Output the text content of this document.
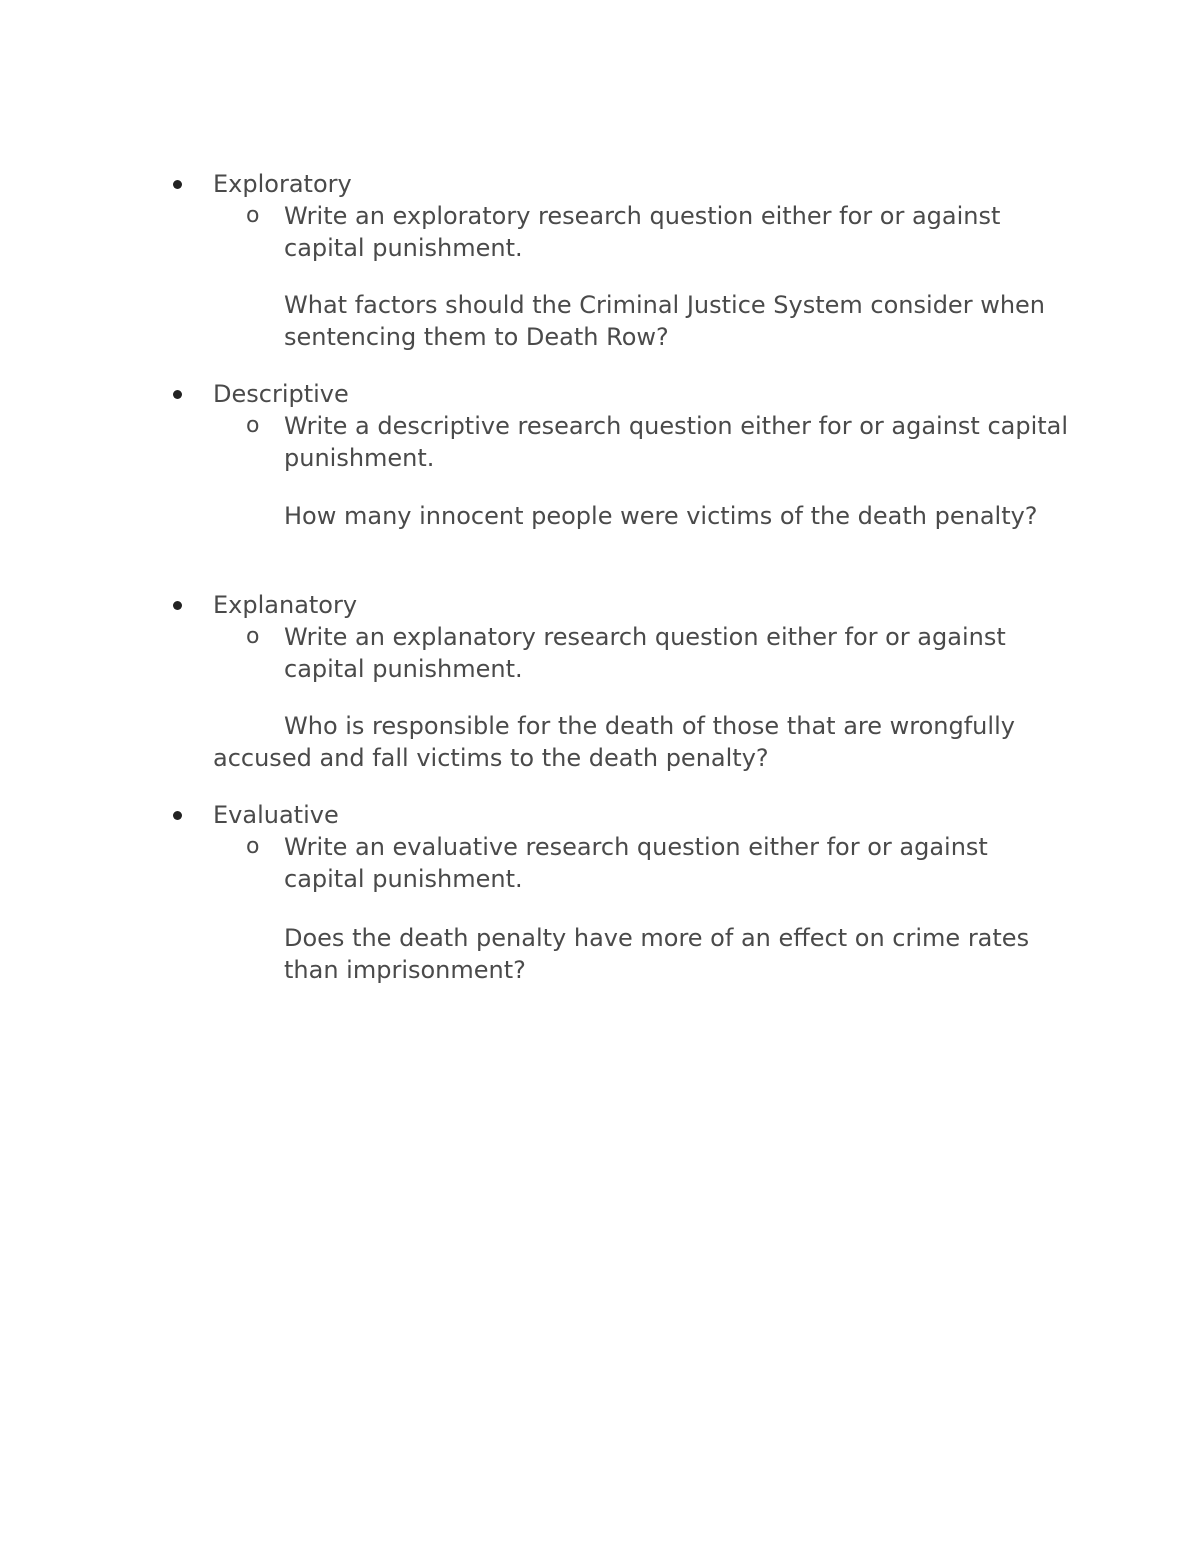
Exploratory
o	Write an exploratory research question either for or against capital punishment.
What factors should the Criminal Justice System consider when sentencing them to Death Row?
Descriptive
o	Write a descriptive research question either for or against capital punishment.
How many innocent people were victims of the death penalty?
Explanatory
o	Write an explanatory research question either for or against capital punishment.
Who is responsible for the death of those that are wrongfully accused and fall victims to the death penalty?
Evaluative
o	Write an evaluative research question either for or against capital punishment.
Does the death penalty have more of an effect on crime rates than imprisonment?
